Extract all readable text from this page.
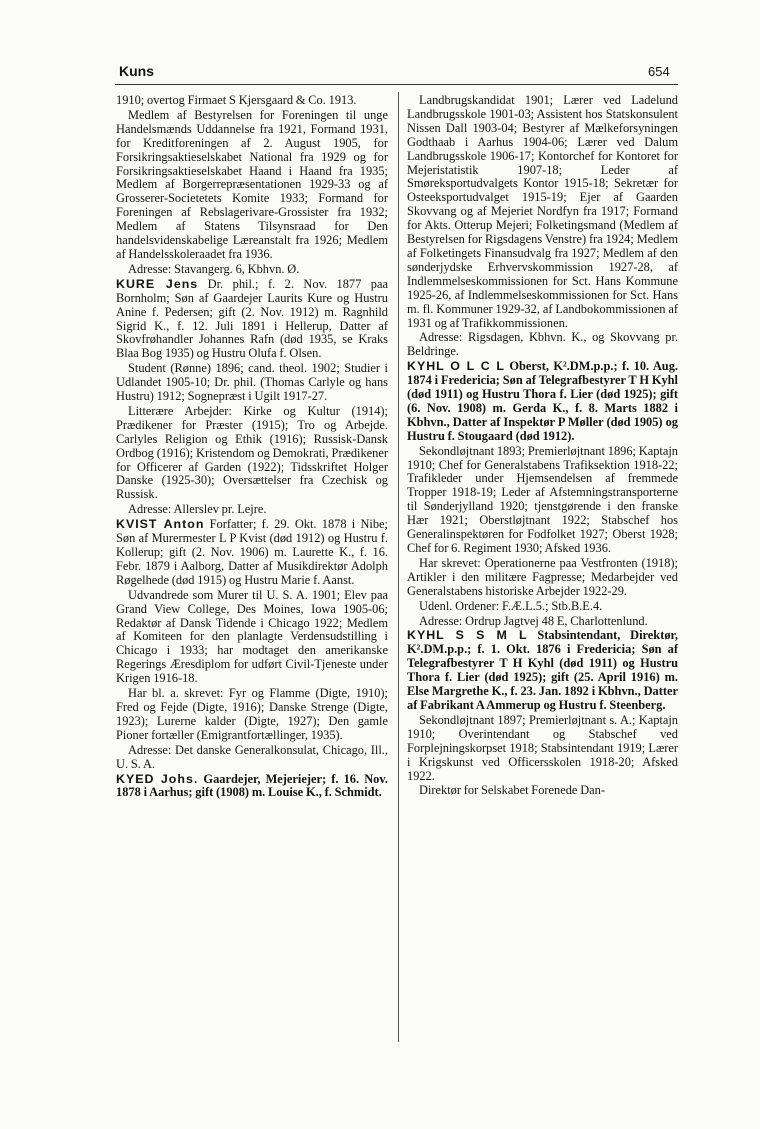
Kuns	654

1910; overtog Firmaet S Kjersgaard & Co. 1913.

Medlem af Bestyrelsen for Foreningen til unge Handelsmænds Uddannelse fra 1921, Formand 1931, for Kreditforeningen af 2. August 1905, for Forsikringsaktieselskabet National fra 1929 og for Forsikringsaktieselskabet Haand i Haand fra 1935; Medlem af Borgerrepræsentationen 1929-33 og af Grosserer-Societetets Komite 1933; Formand for Foreningen af Rebslagerivare-Grossister fra 1932; Medlem af Statens Tilsynsraad for Den handelsvidenskabelige Læreanstalt fra 1926; Medlem af Handelsskoleraadet fra 1936.

Adresse: Stavangerg. 6, Kbhvn. Ø.

KURE Jens Dr. phil.; f. 2. Nov. 1877 paa Bornholm; Søn af Gaardejer Laurits Kure og Hustru Anine f. Pedersen; gift (2. Nov. 1912) m. Ragnhild Sigrid K., f. 12. Juli 1891 i Hellerup, Datter af Skovfrøhandler Johannes Rafn (død 1935, se Kraks Blaa Bog 1935) og Hustru Olufa f. Olsen.

Student (Rønne) 1896; cand. theol. 1902; Studier i Udlandet 1905-10; Dr. phil. (Thomas Carlyle og hans Hustru) 1912; Sognepræst i Ugilt 1917-27.

Litterære Arbejder: Kirke og Kultur (1914); Prædikener for Præster (1915); Tro og Arbejde. Carlyles Religion og Ethik (1916); Russisk-Dansk Ordbog (1916); Kristendom og Demokrati, Prædikener for Officerer af Garden (1922); Tidsskriftet Holger Danske (1925-30); Oversættelser fra Czechisk og Russisk.

Adresse: Allerslev pr. Lejre.

KVIST Anton Forfatter; f. 29. Okt. 1878 i Nibe; Søn af Murermester L P Kvist (død 1912) og Hustru f. Kollerup; gift (2. Nov. 1906) m. Laurette K., f. 16. Febr. 1879 i Aalborg, Datter af Musikdirektør Adolph Røgelhede (død 1915) og Hustru Marie f. Aanst.

Udvandrede som Murer til U. S. A. 1901; Elev paa Grand View College, Des Moines, Iowa 1905-06; Redaktør af Dansk Tidende i Chicago 1922; Medlem af Komiteen for den planlagte Verdensudstilling i Chicago i 1933; har modtaget den amerikanske Regerings Æresdiplom for udført Civil-Tjeneste under Krigen 1916-18.

Har bl. a. skrevet: Fyr og Flamme (Digte, 1910); Fred og Fejde (Digte, 1916); Danske Strenge (Digte, 1923); Lurerne kalder (Digte, 1927); Den gamle Pioner fortæller (Emigrantfortællinger, 1935).

Adresse: Det danske Generalkonsulat, Chicago, Ill., U. S. A.

KYED Johs. Gaardejer, Mejeriejer; f. 16. Nov. 1878 i Aarhus; gift (1908) m. Louise K., f. Schmidt.

Landbrugskandidat 1901; Lærer ved Ladelund Landbrugsskole 1901-03; Assistent hos Statskonsulent Nissen Dall 1903-04; Bestyrer af Mælkeforsyningen Godthaab i Aarhus 1904-06; Lærer ved Dalum Landbrugsskole 1906-17; Kontorchef for Kontoret for Mejeristatistik 1907-18; Leder af Smøreksportudvalgets Kontor 1915-18; Sekretær for Osteeksportudvalget 1915-19; Ejer af Gaarden Skovvang og af Mejeriet Nordfyn fra 1917; Formand for Akts. Otterup Mejeri; Folketingsmand (Medlem af Bestyrelsen for Rigsdagens Venstre) fra 1924; Medlem af Folketingets Finansudvalg fra 1927; Medlem af den sønderjydske Erhvervskommission 1927-28, af Indlemmelseskommissionen for Sct. Hans Kommune 1925-26, af Indlemmelseskommissionen for Sct. Hans m. fl. Kommuner 1929-32, af Landbokommissionen af 1931 og af Trafikkommissionen.

Adresse: Rigsdagen, Kbhvn. K., og Skovvang pr. Beldringe.

KYHL O L C L Oberst, K².DM.p.p.; f. 10. Aug. 1874 i Fredericia; Søn af Telegrafbestyrer T H Kyhl (død 1911) og Hustru Thora f. Lier (død 1925); gift (6. Nov. 1908) m. Gerda K., f. 8. Marts 1882 i Kbhvn., Datter af Inspektør P Møller (død 1905) og Hustru f. Stougaard (død 1912).

Sekondløjtnant 1893; Premierløjtnant 1896; Kaptajn 1910; Chef for Generalstabens Trafiksektion 1918-22; Trafikleder under Hjemsendelsen af fremmede Tropper 1918-19; Leder af Afstemningstransporterne til Sønderjylland 1920; tjenstgørende i den franske Hær 1921; Oberstløjtnant 1922; Stabschef hos Generalinspektøren for Fodfolket 1927; Oberst 1928; Chef for 6. Regiment 1930; Afsked 1936.

Har skrevet: Operationerne paa Vestfronten (1918); Artikler i den militære Fagpresse; Medarbejder ved Generalstabens historiske Arbejder 1922-29.

Udenl. Ordener: F.Æ.L.5.; Stb.B.E.4.

Adresse: Ordrup Jagtvej 48 E, Charlottenlund.

KYHL S S M L Stabsintendant, Direktør, K².DM.p.p.; f. 1. Okt. 1876 i Fredericia; Søn af Telegrafbestyrer T H Kyhl (død 1911) og Hustru Thora f. Lier (død 1925); gift (25. April 1916) m. Else Margrethe K., f. 23. Jan. 1892 i Kbhvn., Datter af Fabrikant A Ammerup og Hustru f. Steenberg.

Sekondløjtnant 1897; Premierløjtnant s. A.; Kaptajn 1910; Overintendant og Stabschef ved Forplejningskorpset 1918; Stabsintendant 1919; Lærer i Krigskunst ved Officersskolen 1918-20; Afsked 1922.

Direktør for Selskabet Forenede Dan-
